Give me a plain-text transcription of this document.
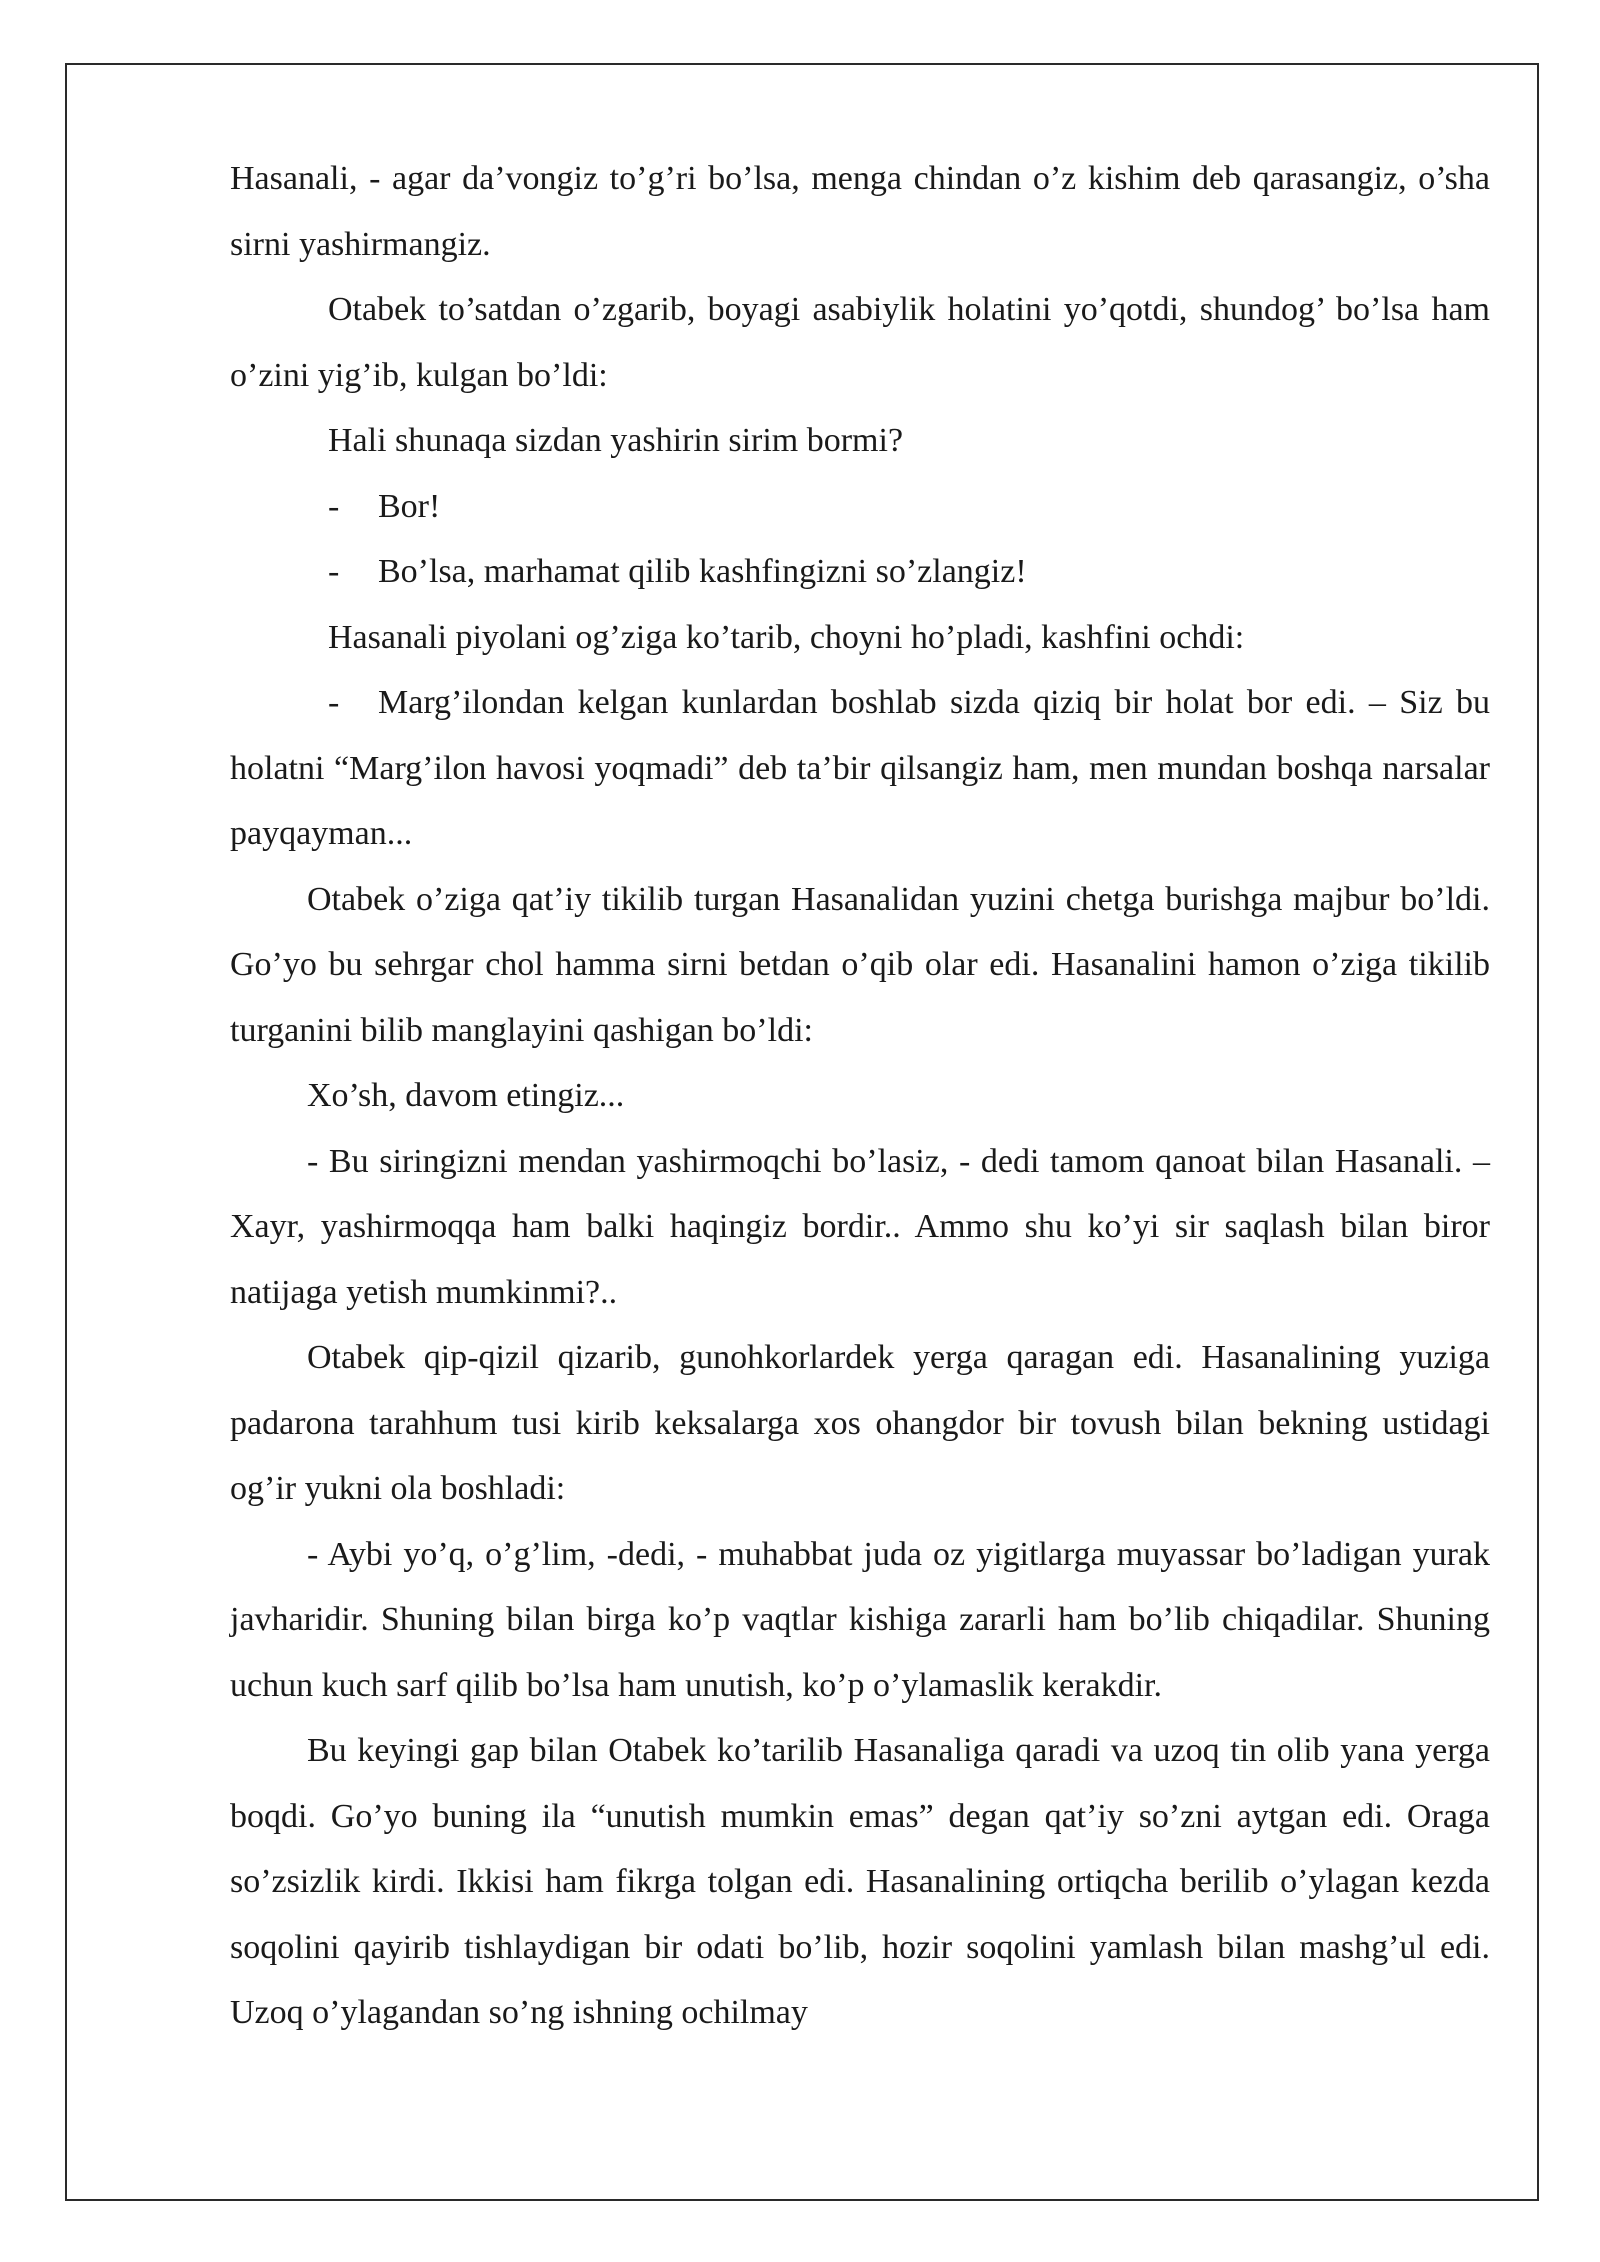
Hasanali, - agar da’vongiz to’g’ri bo’lsa, menga chindan o’z kishim deb qarasangiz, o’sha sirni yashirmangiz.

Otabek to’satdan o’zgarib, boyagi asabiylik holatini yo’qotdi, shundog’ bo’lsa ham o’zini yig’ib, kulgan bo’ldi:

Hali shunaqa sizdan yashirin sirim bormi?

-	Bor!
-	Bo’lsa, marhamat qilib kashfingizni so’zlangiz!

Hasanali piyolani og’ziga ko’tarib, choyni ho’pladi, kashfini ochdi:

- Marg’ilondan kelgan kunlardan boshlab sizda qiziq bir holat bor edi. – Siz bu holatni “Marg’ilon havosi yoqmadi” deb ta’bir qilsangiz ham, men mundan boshqa narsalar payqayman...

Otabek o’ziga qat’iy tikilib turgan Hasanalidan yuzini chetga burishga majbur bo’ldi. Go’yo bu sehrgar chol hamma sirni betdan o’qib olar edi. Hasanalini hamon o’ziga tikilib turganini bilib manglayini qashigan bo’ldi:

Xo’sh, davom etingiz...

- Bu siringizni mendan yashirmoqchi bo’lasiz, - dedi tamom qanoat bilan Hasanali. – Xayr, yashirmoqqa ham balki haqingiz bordir.. Ammo shu ko’yi sir saqlash bilan biror natijaga yetish mumkinmi?..

Otabek qip-qizil qizarib, gunohkorlardek yerga qaragan edi. Hasanalining yuziga padarona tarahhum tusi kirib keksalarga xos ohangdor bir tovush bilan bekning ustidagi og’ir yukni ola boshladi:

- Aybi yo’q, o’g’lim, -dedi, - muhabbat juda oz yigitlarga muyassar bo’ladigan yurak javharidir. Shuning bilan birga ko’p vaqtlar kishiga zararli ham bo’lib chiqadilar. Shuning uchun kuch sarf qilib bo’lsa ham unutish, ko’p o’ylamaslik kerakdir.

Bu keyingi gap bilan Otabek ko’tarilib Hasanaliga qaradi va uzoq tin olib yana yerga boqdi. Go’yo buning ila “unutish mumkin emas” degan qat’iy so’zni aytgan edi. Oraga so’zsizlik kirdi. Ikkisi ham fikrga tolgan edi. Hasanalining ortiqcha berilib o’ylagan kezda soqolini qayirib tishlaydigan bir odati bo’lib, hozir soqolini yamlash bilan mashg’ul edi. Uzoq o’ylagandan so’ng ishning ochilmay
